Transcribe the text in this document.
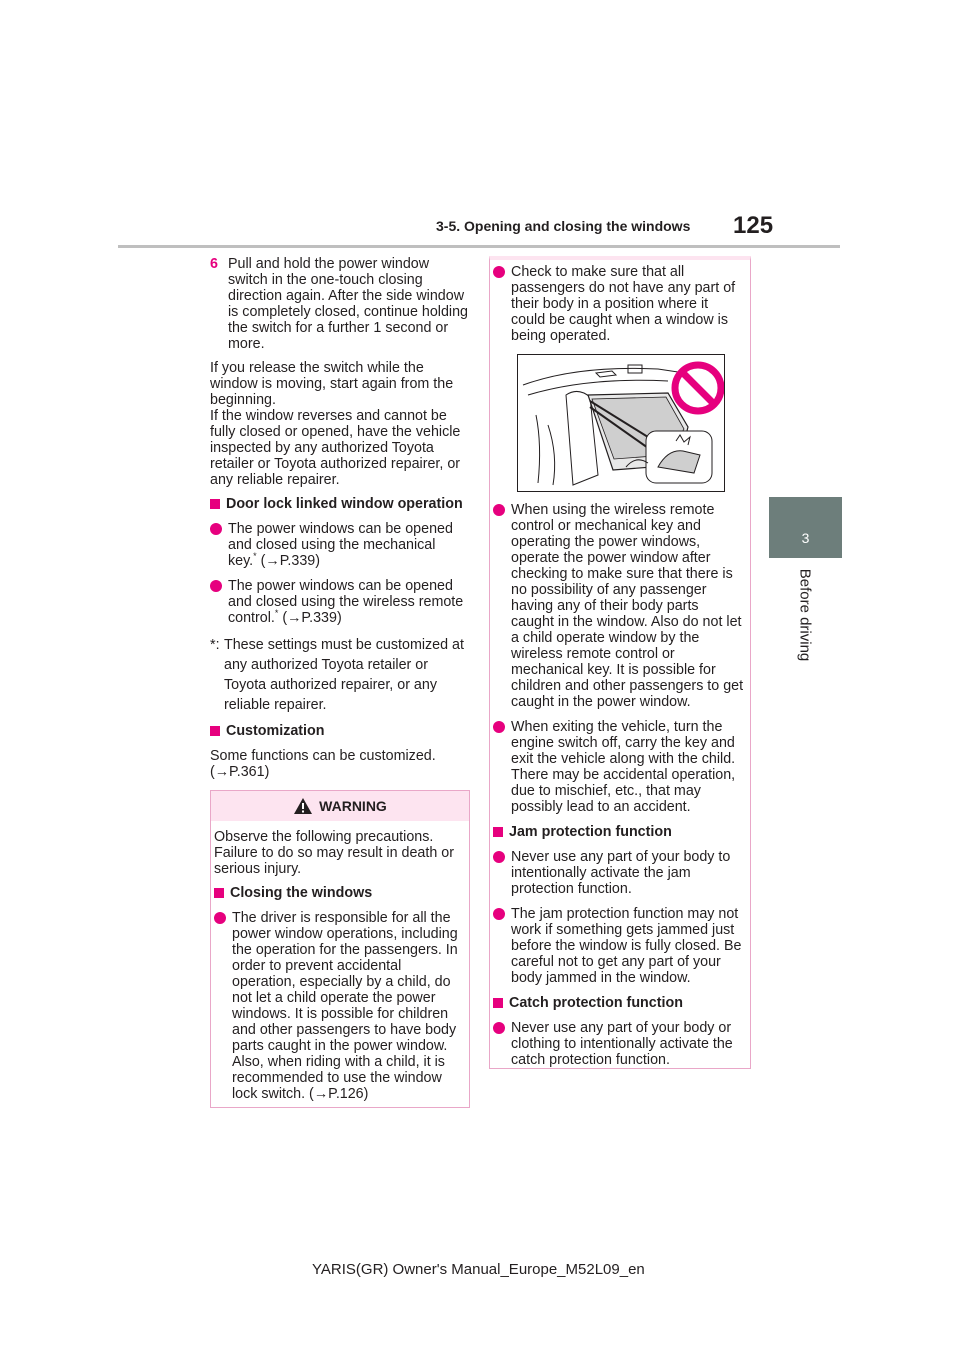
3-5. Opening and closing the windows 125
3
Before driving
6 Pull and hold the power window switch in the one-touch closing direction again. After the side window is completely closed, continue holding the switch for a further 1 second or more.

If you release the switch while the window is moving, start again from the beginning.

If the window reverses and cannot be fully closed or opened, have the vehicle inspected by any authorized Toyota retailer or Toyota authorized repairer, or any reliable repairer.

Door lock linked window operation
The power windows can be opened and closed using the mechanical key.* (→P.339)
The power windows can be opened and closed using the wireless remote control.* (→P.339)
*: These settings must be customized at any authorized Toyota retailer or Toyota authorized repairer, or any reliable repairer.
Customization

Some functions can be customized. (→P.361)

WARNING

Observe the following precautions. Failure to do so may result in death or serious injury.

Closing the windows
The driver is responsible for all the power window operations, including the operation for the passengers. In order to prevent accidental operation, especially by a child, do not let a child operate the power windows. It is possible for children and other passengers to have body parts caught in the power window. Also, when riding with a child, it is recommended to use the window lock switch. (→P.126)
Check to make sure that all passengers do not have any part of their body in a position where it could be caught when a window is being operated.
When using the wireless remote control or mechanical key and operating the power windows, operate the power window after checking to make sure that there is no possibility of any passenger having any of their body parts caught in the window. Also do not let a child operate window by the wireless remote control or mechanical key. It is possible for children and other passengers to get caught in the power window.
When exiting the vehicle, turn the engine switch off, carry the key and exit the vehicle along with the child. There may be accidental operation, due to mischief, etc., that may possibly lead to an accident.
Jam protection function
Never use any part of your body to intentionally activate the jam protection function.
The jam protection function may not work if something gets jammed just before the window is fully closed. Be careful not to get any part of your body jammed in the window.
Catch protection function
Never use any part of your body or clothing to intentionally activate the catch protection function.
YARIS(GR) Owner's Manual_Europe_M52L09_en
